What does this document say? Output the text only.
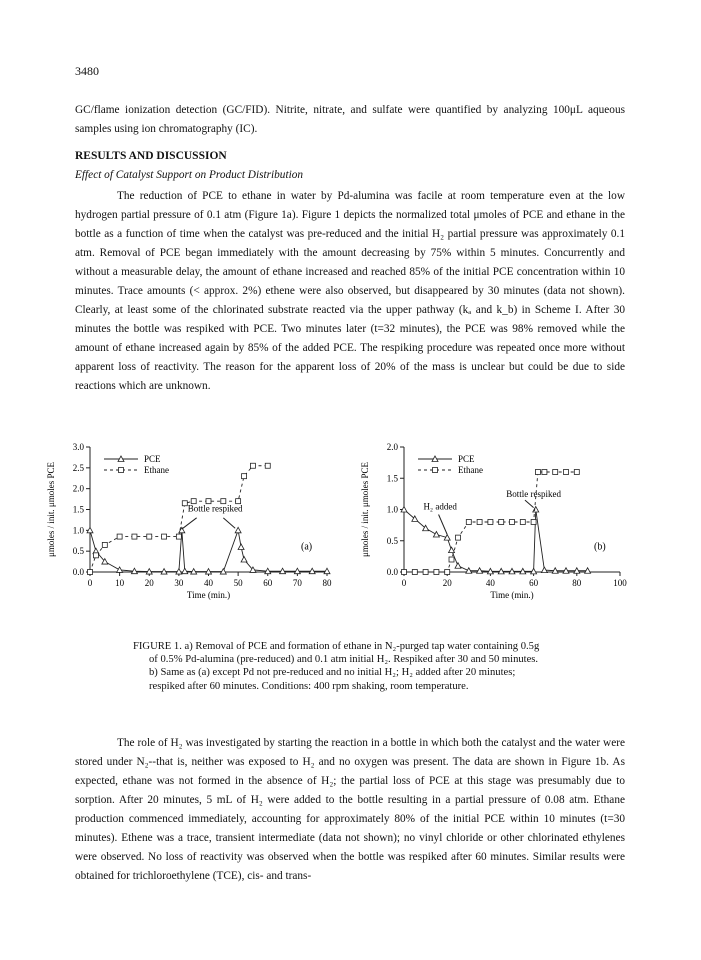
3480

GC/flame ionization detection (GC/FID). Nitrite, nitrate, and sulfate were quantified by analyzing 100μL aqueous samples using ion chromatography (IC).

RESULTS AND DISCUSSION

Effect of Catalyst Support on Product Distribution

The reduction of PCE to ethane in water by Pd-alumina was facile at room temperature even at the low hydrogen partial pressure of 0.1 atm (Figure 1a). Figure 1 depicts the normalized total μmoles of PCE and ethane in the bottle as a function of time when the catalyst was pre-reduced and the initial H₂ partial pressure was approximately 0.1 atm. Removal of PCE began immediately with the amount decreasing by 75% within 5 minutes. Concurrently and without a measurable delay, the amount of ethane increased and reached 85% of the initial PCE concentration within 10 minutes. Trace amounts (< approx. 2%) ethene were also observed, but disappeared by 30 minutes (data not shown). Clearly, at least some of the chlorinated substrate reacted via the upper pathway (kₐ and k_b) in Scheme I. After 30 minutes the bottle was respiked with PCE. Two minutes later (t=32 minutes), the PCE was 98% removed while the amount of ethane increased again by 85% of the added PCE. The respiking procedure was repeated once more without apparent loss of reactivity. The reason for the apparent loss of 20% of the mass is unclear but could be due to side reactions which are unknown.

0.0
0.5
1.0
1.5
2.0
2.5
3.0
0	10 20 30 40 50 60 70 80
Time (min.)
μmoles / init. μmoles PCE
PCE
Ethane
(a)
Bottle respiked
0.0
0.5
1.0
1.5
2.0
0	20	40	60	80	100
Time (min.)
μmoles / init. μmoles PCE
PCE
Ethane
(b)
H₂ added
Bottle respiked
FIGURE 1. a) Removal of PCE and formation of ethane in N₂-purged tap water containing 0.5g
of 0.5% Pd-alumina (pre-reduced) and 0.1 atm initial H₂. Respiked after 30 and 50 minutes.
b) Same as (a) except Pd not pre-reduced and no initial H₂; H₂ added after 20 minutes;
respiked after 60 minutes. Conditions: 400 rpm shaking, room temperature.

The role of H₂ was investigated by starting the reaction in a bottle in which both the catalyst and the water were stored under N₂--that is, neither was exposed to H₂ and no oxygen was present. The data are shown in Figure 1b. As expected, ethane was not formed in the absence of H₂; the partial loss of PCE at this stage was presumably due to sorption. After 20 minutes, 5 mL of H₂ were added to the bottle resulting in a partial pressure of 0.08 atm. Ethane production commenced immediately, accounting for approximately 80% of the initial PCE within 10 minutes (t=30 minutes). Ethene was a trace, transient intermediate (data not shown); no vinyl chloride or other chlorinated ethylenes were observed. No loss of reactivity was observed when the bottle was respiked after 60 minutes. Similar results were obtained for trichloroethylene (TCE), cis- and trans-
